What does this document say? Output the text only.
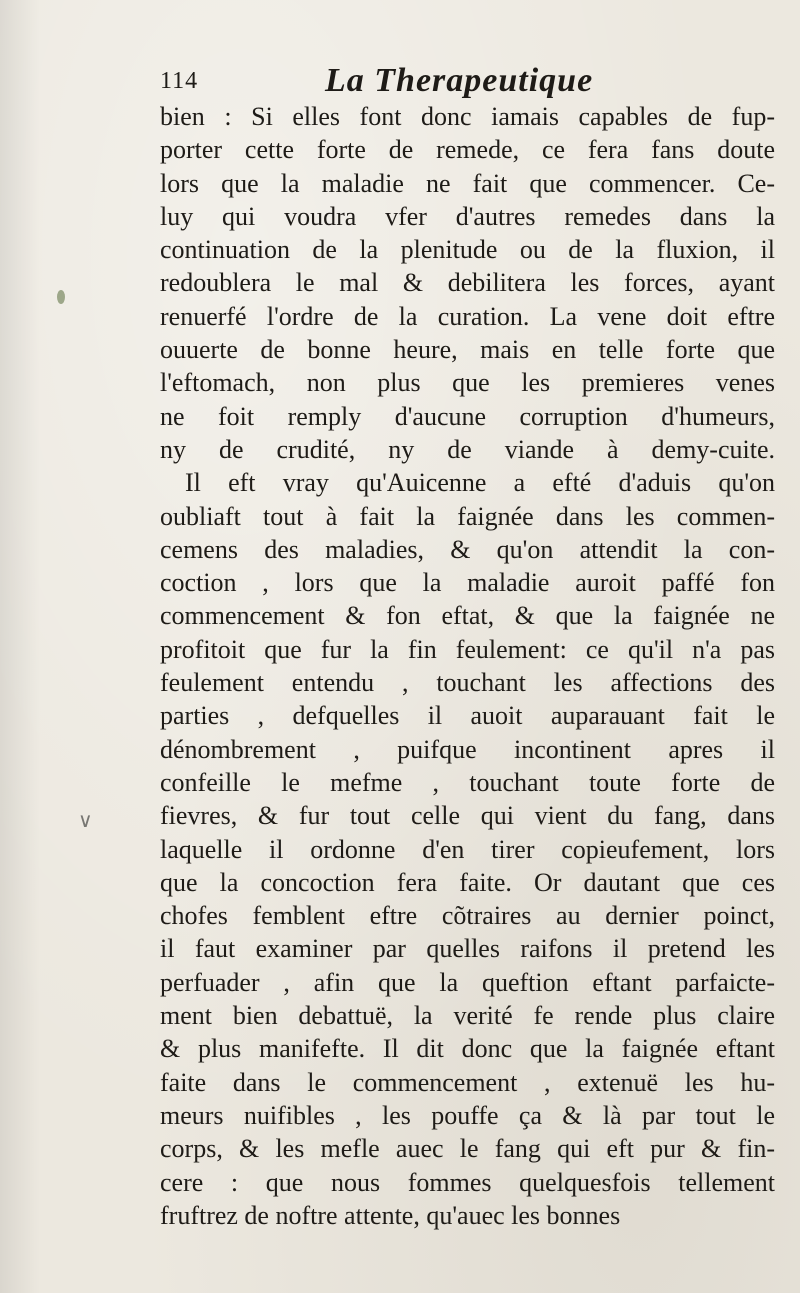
∨
114	La Therapeutique
bien : Si elles font donc iamais capables de fup-
porter cette forte de remede, ce fera fans doute
lors que la maladie ne fait que commencer. Ce-
luy qui voudra vfer d'autres remedes dans la
continuation de la plenitude ou de la fluxion, il
redoublera le mal & debilitera les forces, ayant
renuerfé l'ordre de la curation. La vene doit eftre
ouuerte de bonne heure, mais en telle forte que
l'eftomach, non plus que les premieres venes
ne foit remply d'aucune corruption d'humeurs,
ny de crudité, ny de viande à demy-cuite.
Il eft vray qu'Auicenne a efté d'aduis qu'on
oubliaft tout à fait la faignée dans les commen-
cemens des maladies, & qu'on attendit la con-
coction , lors que la maladie auroit paffé fon
commencement & fon eftat, & que la faignée ne
profitoit que fur la fin feulement: ce qu'il n'a pas
feulement entendu , touchant les affections des
parties , defquelles il auoit auparauant fait le
dénombrement , puifque incontinent apres il
confeille le mefme , touchant toute forte de
fievres, & fur tout celle qui vient du fang, dans
laquelle il ordonne d'en tirer copieufement, lors
que la concoction fera faite. Or dautant que ces
chofes femblent eftre cõtraires au dernier poinct,
il faut examiner par quelles raifons il pretend les
perfuader , afin que la queftion eftant parfaicte-
ment bien debattuë, la verité fe rende plus claire
& plus manifefte. Il dit donc que la faignée eftant
faite dans le commencement , extenuë les hu-
meurs nuifibles , les pouffe ça & là par tout le
corps, & les mefle auec le fang qui eft pur & fin-
cere : que nous fommes quelquesfois tellement
fruftrez de noftre attente, qu'auec les bonnes
